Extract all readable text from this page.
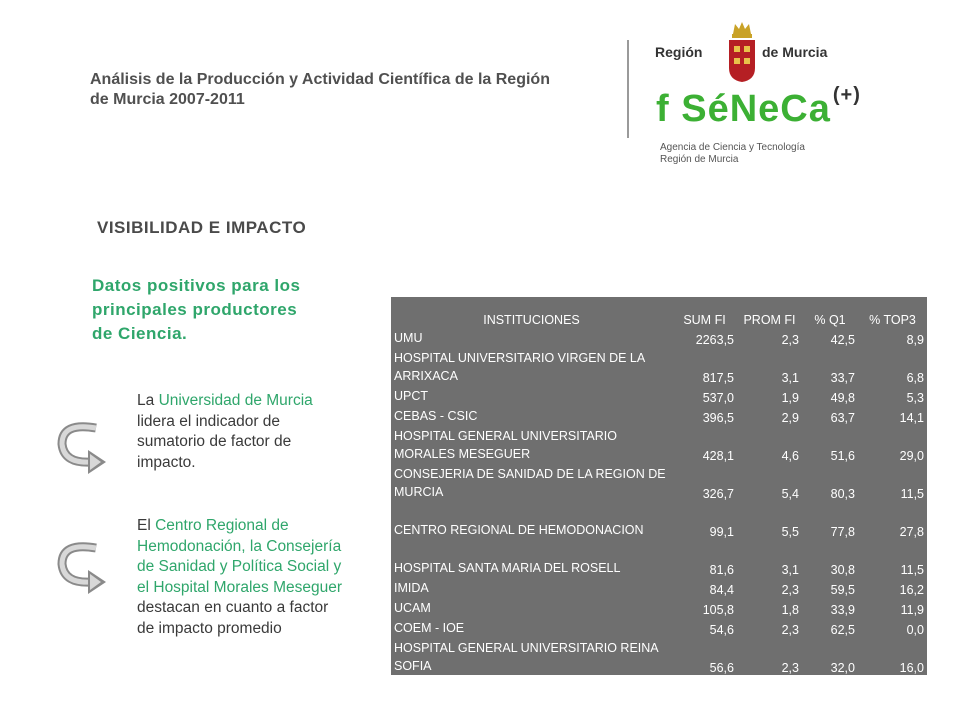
Análisis de la Producción y Actividad Científica de la Región de Murcia 2007-2011
Región	de Murcia
f SéNeCa (+)
Agencia de Ciencia y Tecnología
Región de Murcia
VISIBILIDAD E IMPACTO
Datos positivos para los principales productores de Ciencia.
La Universidad de Murcia lidera el indicador de sumatorio de factor de impacto.
El Centro Regional de Hemodonación, la Consejería de Sanidad y Política Social y el Hospital Morales Meseguer destacan en cuanto a factor de impacto promedio
INSTITUCIONES	SUM FI	PROM FI	% Q1	% TOP3
UMU	2263,5	2,3	42,5	8,9
HOSPITAL UNIVERSITARIO VIRGEN DE LA ARRIXACA	817,5	3,1	33,7	6,8
UPCT	537,0	1,9	49,8	5,3
CEBAS - CSIC	396,5	2,9	63,7	14,1
HOSPITAL GENERAL UNIVERSITARIO MORALES MESEGUER	428,1	4,6	51,6	29,0
CONSEJERIA DE SANIDAD DE LA REGION DE MURCIA	326,7	5,4	80,3	11,5
CENTRO REGIONAL DE HEMODONACION	99,1	5,5	77,8	27,8
HOSPITAL SANTA MARIA DEL ROSELL	81,6	3,1	30,8	11,5
IMIDA	84,4	2,3	59,5	16,2
UCAM	105,8	1,8	33,9	11,9
COEM - IOE	54,6	2,3	62,5	0,0
HOSPITAL GENERAL UNIVERSITARIO REINA SOFIA	56,6	2,3	32,0	16,0
